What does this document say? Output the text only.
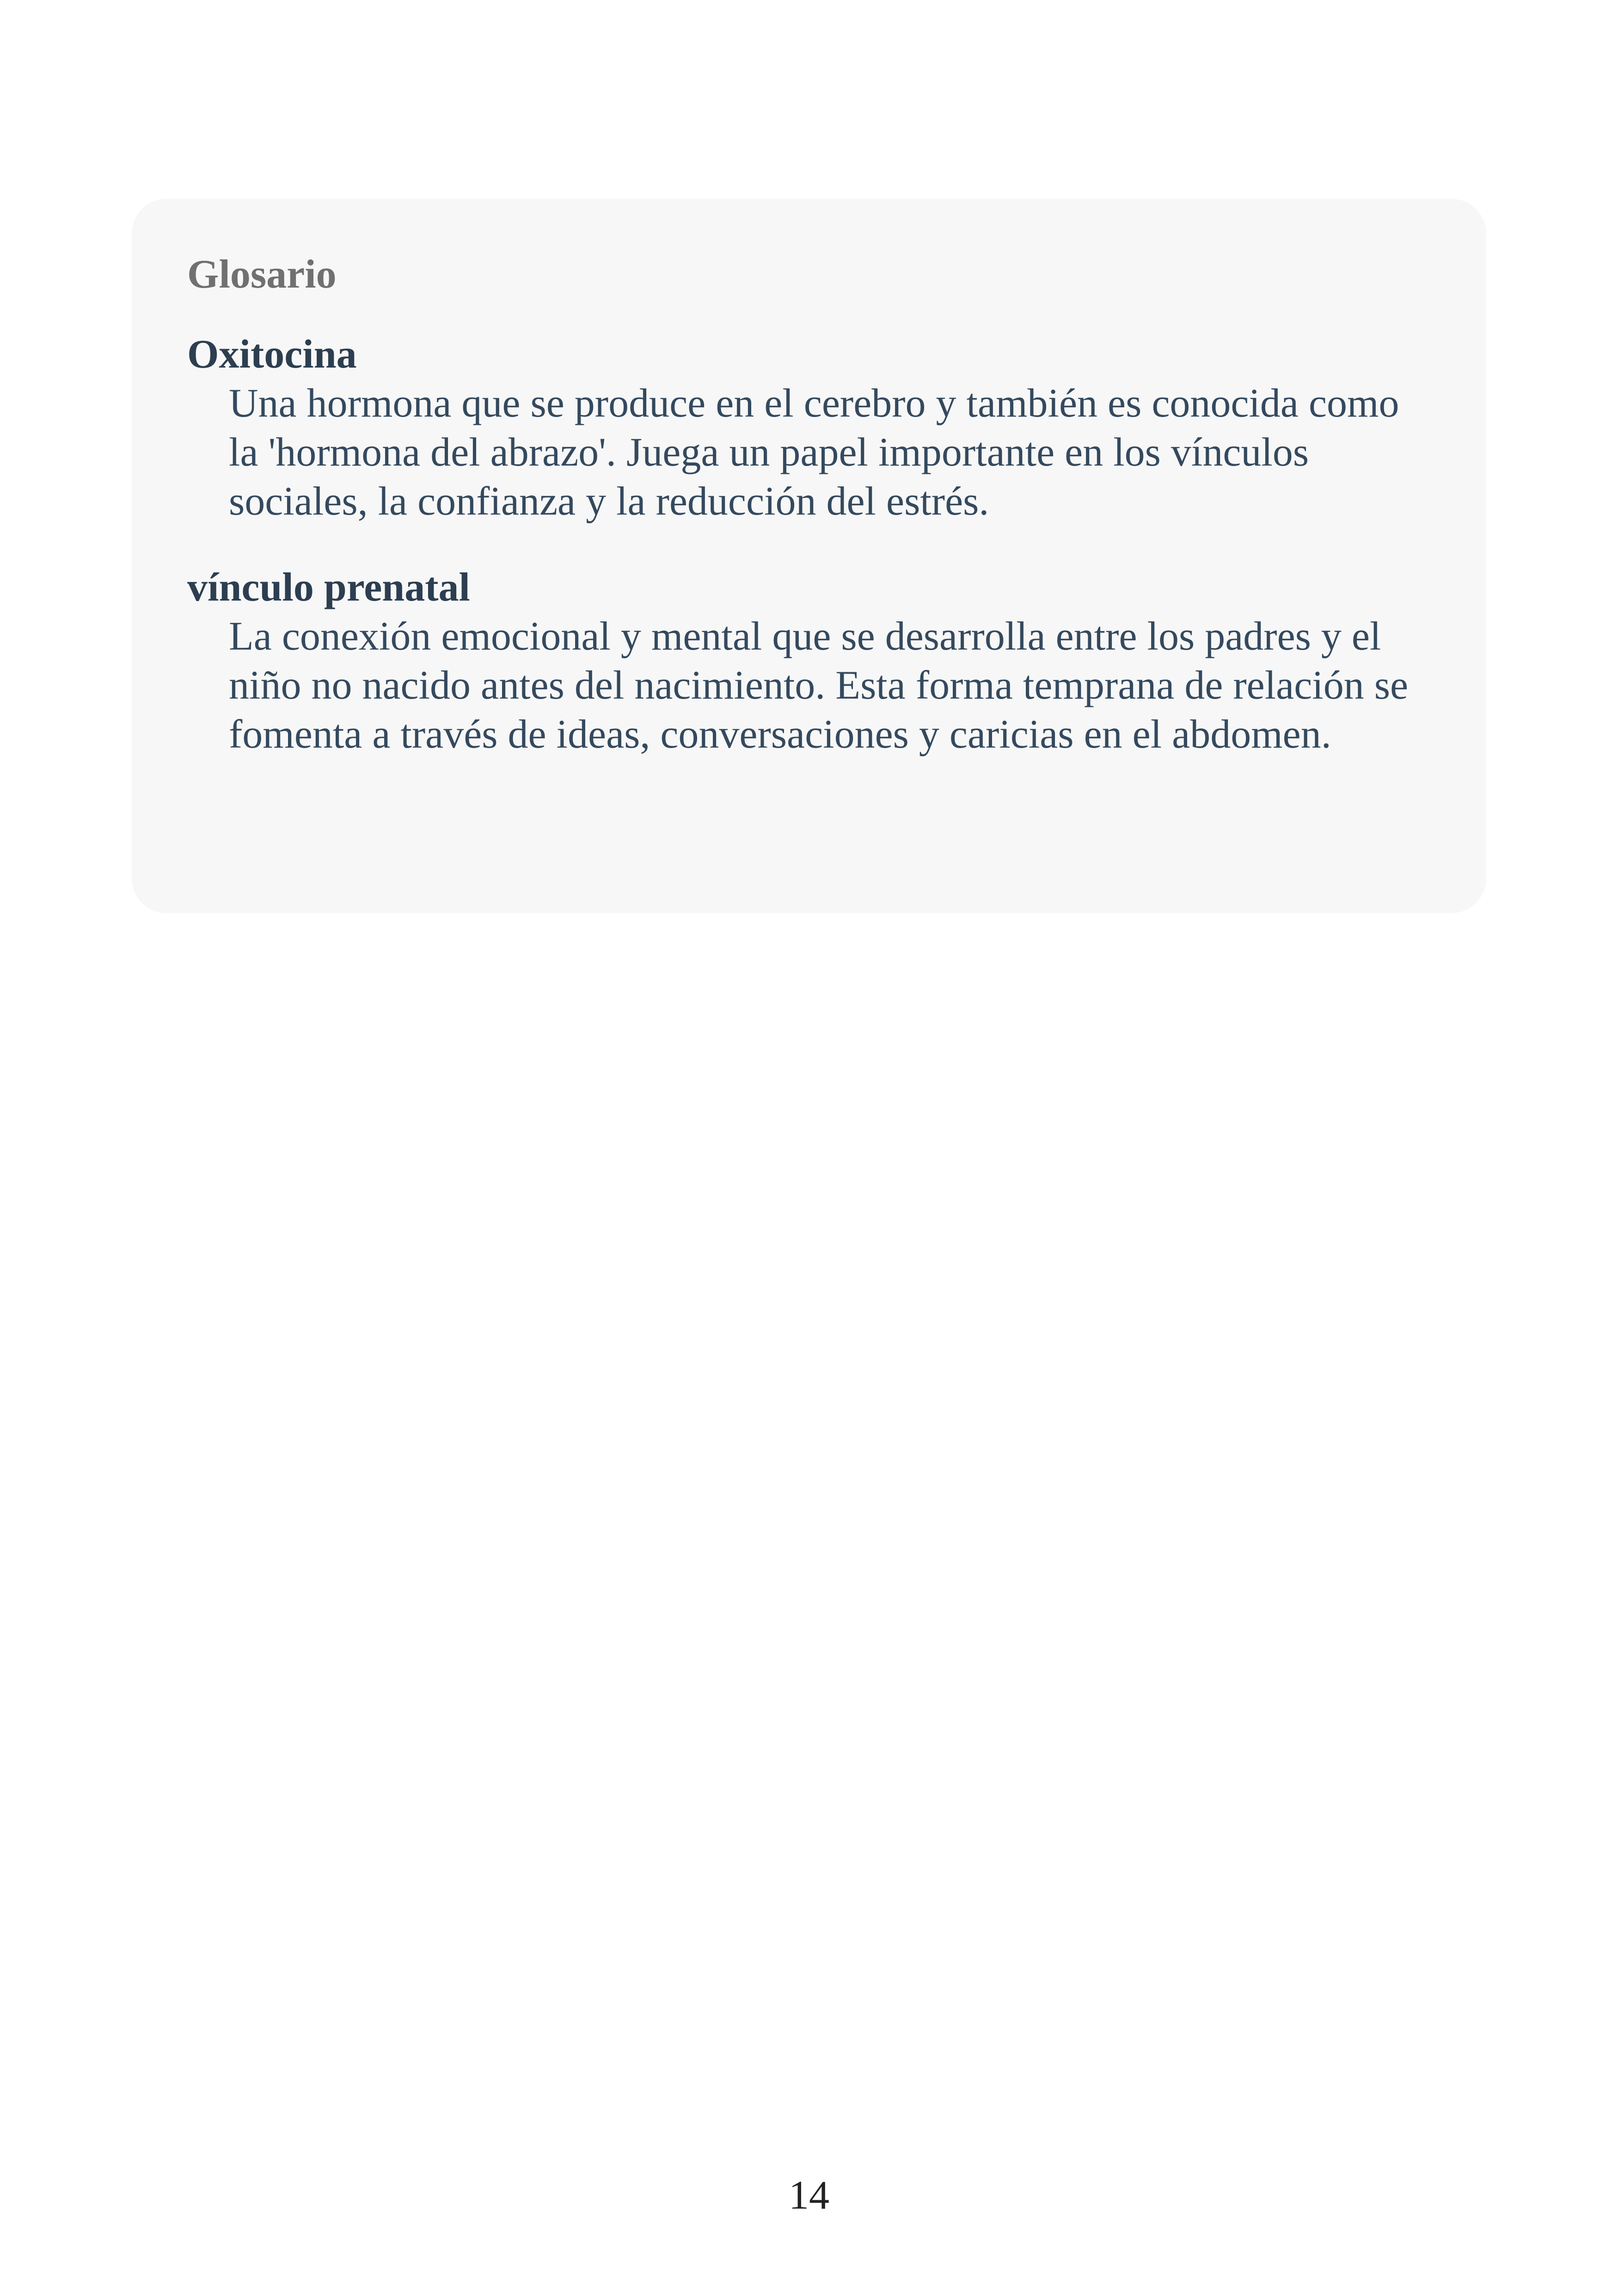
Glosario
Oxitocina
Una hormona que se produce en el cerebro y también es conocida como la 'hormona del abrazo'. Juega un papel importante en los vínculos sociales, la confianza y la reducción del estrés.
vínculo prenatal
La conexión emocional y mental que se desarrolla entre los padres y el niño no nacido antes del nacimiento. Esta forma temprana de relación se fomenta a través de ideas, conversaciones y caricias en el abdomen.
14
